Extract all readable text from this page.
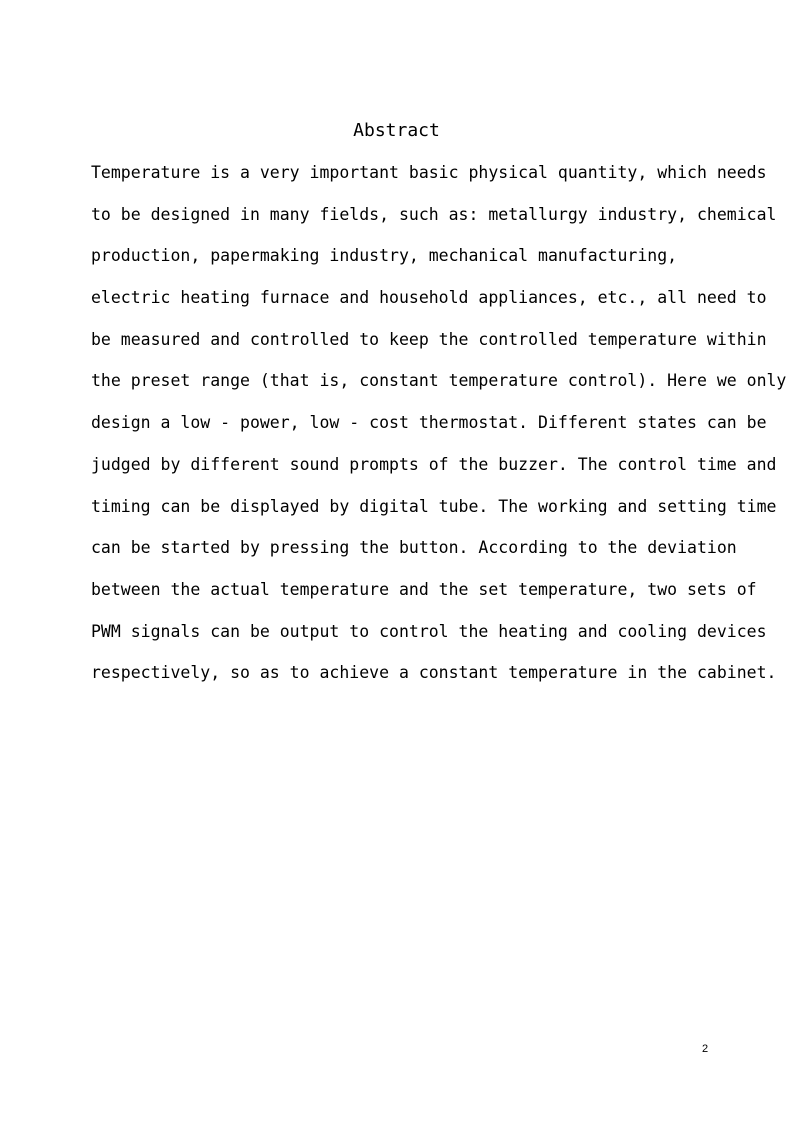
Abstract
Temperature is a very important basic physical quantity, which needs
to be designed in many fields, such as: metallurgy industry, chemical
production, papermaking industry, mechanical manufacturing,
electric heating furnace and household appliances, etc., all need to
be measured and controlled to keep the controlled temperature within
the preset range (that is, constant temperature control). Here we only
design a low - power, low - cost thermostat. Different states can be
judged by different sound prompts of the buzzer. The control time and
timing can be displayed by digital tube. The working and setting time
can be started by pressing the button. According to the deviation
between the actual temperature and the set temperature, two sets of
PWM signals can be output to control the heating and cooling devices
respectively, so as to achieve a constant temperature in the cabinet.
2
